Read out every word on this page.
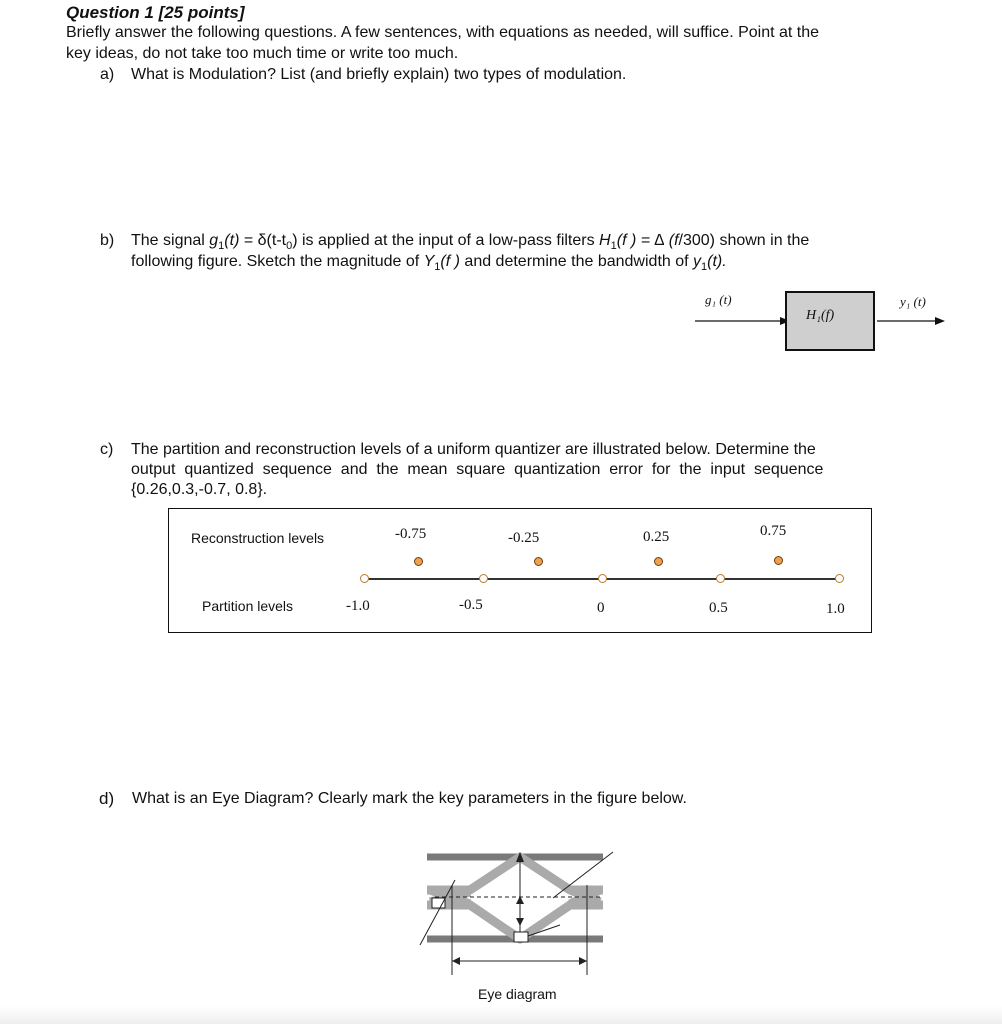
Question 1 [25 points]
Briefly answer the following questions. A few sentences, with equations as needed, will suffice. Point at the
key ideas, do not take too much time or write too much.
a) What is Modulation? List (and briefly explain) two types of modulation.
b) The signal $g_1(t) = \delta(t-t_0)$ is applied at the input of a low-pass filters $H_1(f$ ) = ∆ (f/300) shown in the
following figure. Sketch the magnitude of $Y_1(f$ ) and determine the bandwidth of $y_1(t)$.
H₁(f)
g₁ (t)	y₁ (t)
c) The partition and reconstruction levels of a uniform quantizer are illustrated below. Determine the
output quantized sequence and the mean square quantization error for the input sequence
{0.26,0.3,-0.7, 0.8}.
Reconstruction levels
Partition levels
-0.75	-0.25	0.25	0.75
-1.0	-0.5	0	0.5	1.0
d) What is an Eye Diagram? Clearly mark the key parameters in the figure below.
Eye diagram
